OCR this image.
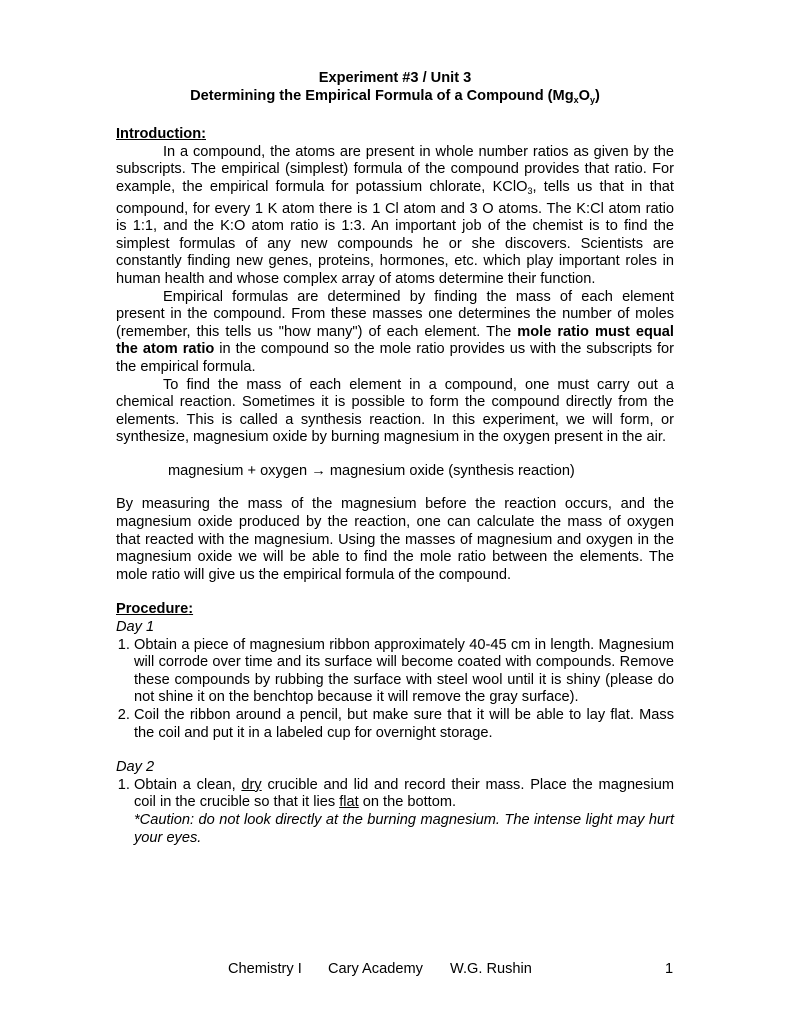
Experiment #3 / Unit 3

Determining the Empirical Formula of a Compound $(Mg_xO_y)$

Introduction:

In a compound, the atoms are present in whole number ratios as given by the subscripts. The empirical (simplest) formula of the compound provides that ratio. For example, the empirical formula for potassium chlorate, KClO$_3$, tells us that in that compound, for every 1 K atom there is 1 Cl atom and 3 O atoms. The K:Cl atom ratio is 1:1, and the K:O atom ratio is 1:3. An important job of the chemist is to find the simplest formulas of any new compounds he or she discovers. Scientists are constantly finding new genes, proteins, hormones, etc. which play important roles in human health and whose complex array of atoms determine their function.

Empirical formulas are determined by finding the mass of each element present in the compound. From these masses one determines the number of moles (remember, this tells us "how many") of each element. The mole ratio must equal the atom ratio in the compound so the mole ratio provides us with the subscripts for the empirical formula.

To find the mass of each element in a compound, one must carry out a chemical reaction. Sometimes it is possible to form the compound directly from the elements. This is called a synthesis reaction. In this experiment, we will form, or synthesize, magnesium oxide by burning magnesium in the oxygen present in the air.

magnesium + oxygen → magnesium oxide (synthesis reaction)

By measuring the mass of the magnesium before the reaction occurs, and the magnesium oxide produced by the reaction, one can calculate the mass of oxygen that reacted with the magnesium. Using the masses of magnesium and oxygen in the magnesium oxide we will be able to find the mole ratio between the elements. The mole ratio will give us the empirical formula of the compound.

Procedure:

Day 1

1. Obtain a piece of magnesium ribbon approximately 40-45 cm in length. Magnesium will corrode over time and its surface will become coated with compounds. Remove these compounds by rubbing the surface with steel wool until it is shiny (please do not shine it on the benchtop because it will remove the gray surface).
2. Coil the ribbon around a pencil, but make sure that it will be able to lay flat. Mass the coil and put it in a labeled cup for overnight storage.

Day 2

1. Obtain a clean, dry crucible and lid and record their mass. Place the magnesium coil in the crucible so that it lies flat on the bottom.
*Caution: do not look directly at the burning magnesium. The intense light may hurt your eyes.
Chemistry I Cary Academy W.G. Rushin	1
